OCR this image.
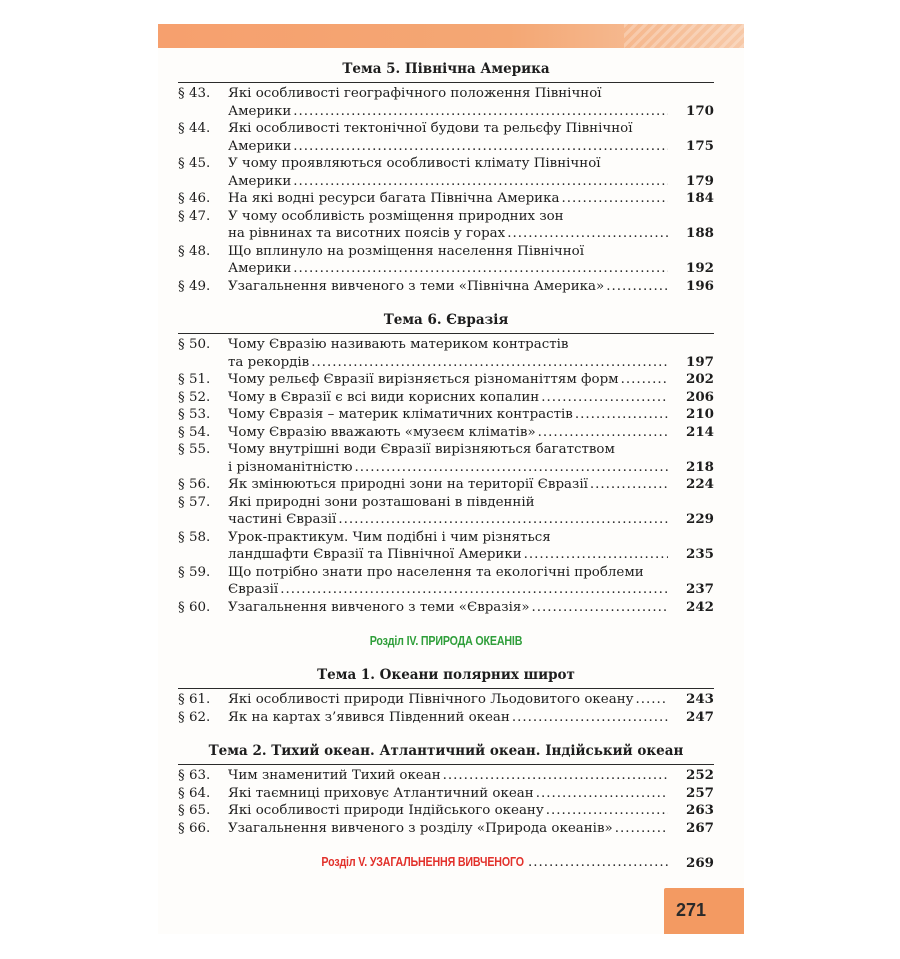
Тема 5. Північна Америка

§ 43. Які особливості географічного положення Північної
Америки .....	170
§ 44. Які особливості тектонічної будови та рельєфу Північної
Америки .....	175
§ 45. У чому проявляються особливості клімату Північної
Америки .....	179
§ 46. На які водні ресурси багата Північна Америка .....	184
§ 47. У чому особливість розміщення природних зон
на рівнинах та висотних поясів у горах .....	188
§ 48. Що вплинуло на розміщення населення Північної
Америки .....	192
§ 49. Узагальнення вивченого з теми «Північна Америка» .....	196

Тема 6. Євразія

§ 50. Чому Євразію називають материком контрастів
та рекордів .....	197
§ 51. Чому рельєф Євразії вирізняється різноманіттям форм .....	202
§ 52. Чому в Євразії є всі види корисних копалин .....	206
§ 53. Чому Євразія – материк кліматичних контрастів .....	210
§ 54. Чому Євразію вважають «музеєм кліматів» .....	214
§ 55. Чому внутрішні води Євразії вирізняються багатством
і різноманітністю .....	218
§ 56. Як змінюються природні зони на території Євразії .....	224
§ 57. Які природні зони розташовані в південній
частині Євразії .....	229
§ 58. Урок-практикум. Чим подібні і чим різняться
ландшафти Євразії та Північної Америки .....	235
§ 59. Що потрібно знати про населення та екологічні проблеми
Євразії .....	237
§ 60. Узагальнення вивченого з теми «Євразія» .....	242

Розділ IV. ПРИРОДА ОКЕАНІВ

Тема 1. Океани полярних широт

§ 61. Які особливості природи Північного Льодовитого океану .....	243
§ 62. Як на картах з’явився Південний океан .....	247

Тема 2. Тихий океан. Атлантичний океан. Індійський океан

§ 63. Чим знаменитий Тихий океан .....	252
§ 64. Які таємниці приховує Атлантичний океан .....	257
§ 65. Які особливості природи Індійського океану .....	263
§ 66. Узагальнення вивченого з розділу «Природа океанів» .....	267
Розділ V. УЗАГАЛЬНЕННЯ ВИВЧЕНОГО .....	269
271
